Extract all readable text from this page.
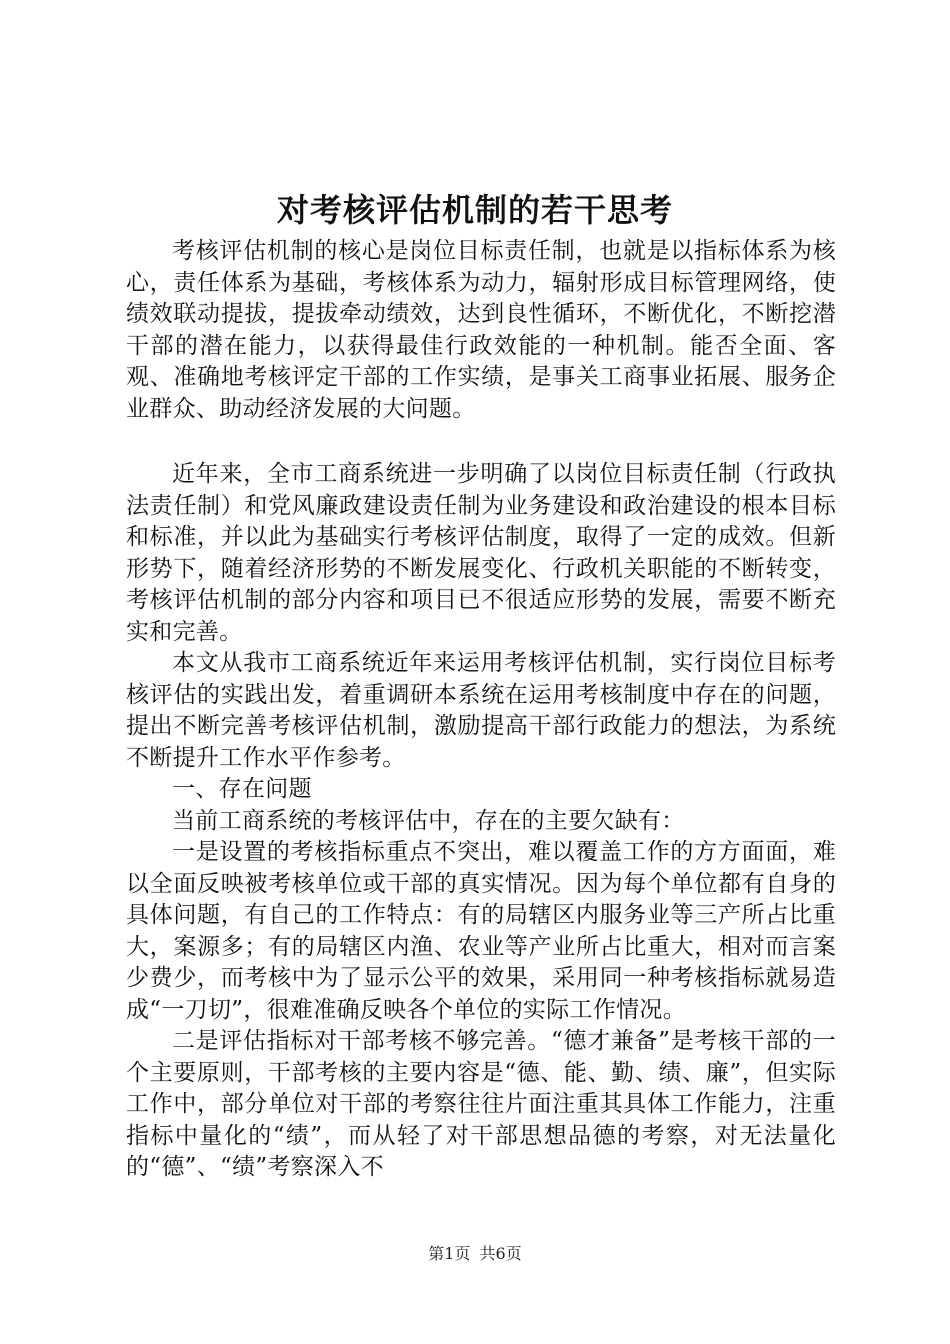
对考核评估机制的若干思考

考核评估机制的核心是岗位目标责任制，也就是以指标体系为核心，责任体系为基础，考核体系为动力，辐射形成目标管理网络，使绩效联动提拔，提拔牵动绩效，达到良性循环，不断优化，不断挖潜干部的潜在能力，以获得最佳行政效能的一种机制。能否全面、客观、准确地考核评定干部的工作实绩，是事关工商事业拓展、服务企业群众、助动经济发展的大问题。

近年来，全市工商系统进一步明确了以岗位目标责任制（行政执法责任制）和党风廉政建设责任制为业务建设和政治建设的根本目标和标准，并以此为基础实行考核评估制度，取得了一定的成效。但新形势下，随着经济形势的不断发展变化、行政机关职能的不断转变，考核评估机制的部分内容和项目已不很适应形势的发展，需要不断充实和完善。

本文从我市工商系统近年来运用考核评估机制，实行岗位目标考核评估的实践出发，着重调研本系统在运用考核制度中存在的问题，提出不断完善考核评估机制，激励提高干部行政能力的想法，为系统不断提升工作水平作参考。

一、存在问题

当前工商系统的考核评估中，存在的主要欠缺有：

一是设置的考核指标重点不突出，难以覆盖工作的方方面面，难以全面反映被考核单位或干部的真实情况。因为每个单位都有自身的具体问题，有自己的工作特点：有的局辖区内服务业等三产所占比重大，案源多；有的局辖区内渔、农业等产业所占比重大，相对而言案少费少，而考核中为了显示公平的效果，采用同一种考核指标就易造成“一刀切”，很难准确反映各个单位的实际工作情况。

二是评估指标对干部考核不够完善。“德才兼备”是考核干部的一个主要原则，干部考核的主要内容是“德、能、勤、绩、廉”，但实际工作中，部分单位对干部的考察往往片面注重其具体工作能力，注重指标中量化的“绩”，而从轻了对干部思想品德的考察，对无法量化的“德”、“绩”考察深入不

第1页 共6页
